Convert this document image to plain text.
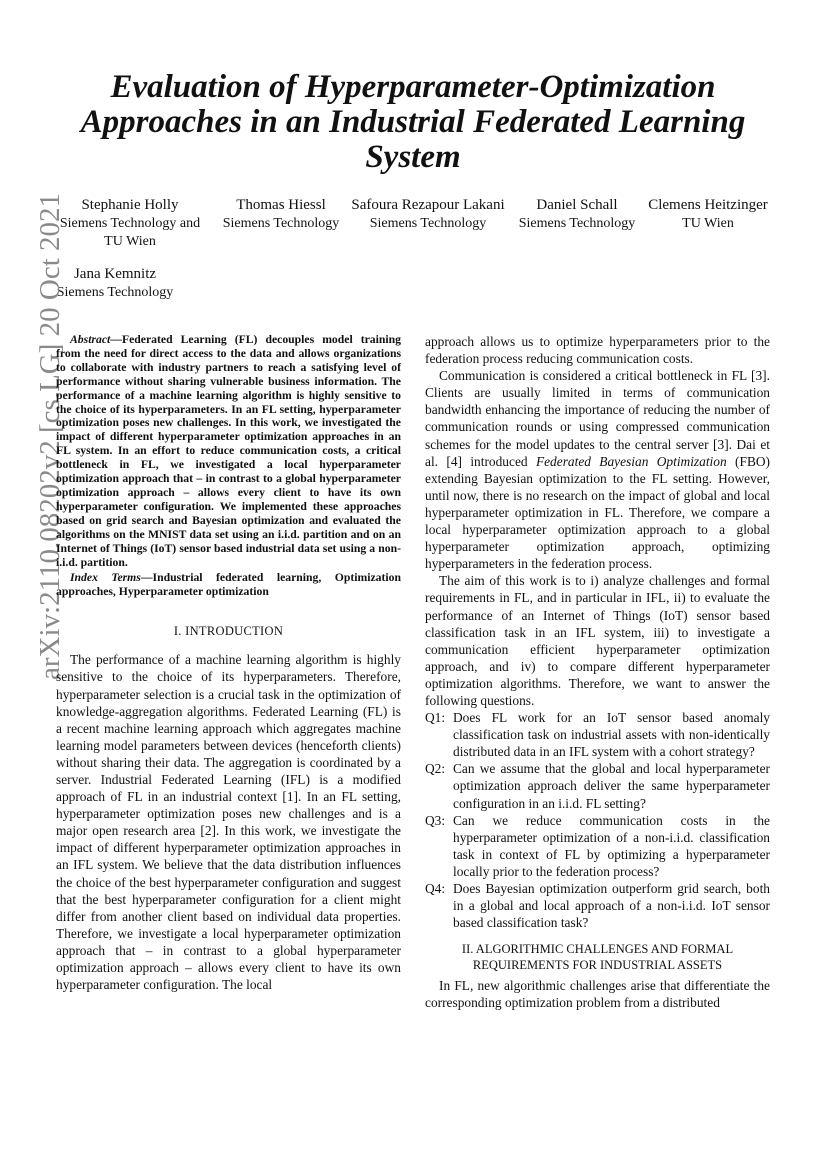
Evaluation of Hyperparameter-Optimization Approaches in an Industrial Federated Learning System
Stephanie Holly
Siemens Technology and TU Wien
Thomas Hiessl
Siemens Technology
Safoura Rezapour Lakani
Siemens Technology
Daniel Schall
Siemens Technology
Clemens Heitzinger
TU Wien
Jana Kemnitz
Siemens Technology
arXiv:2110.08202v2 [cs.LG] 20 Oct 2021 Abstract—Federated Learning (FL) decouples model training from the need for direct access to the data and allows organizations to collaborate with industry partners to reach a satisfying level of performance without sharing vulnerable business information. The performance of a machine learning algorithm is highly sensitive to the choice of its hyperparameters. In an FL setting, hyperparameter optimization poses new challenges. In this work, we investigated the impact of different hyperparameter optimization approaches in an FL system. In an effort to reduce communication costs, a critical bottleneck in FL, we investigated a local hyperparameter optimization approach that – in contrast to a global hyperparameter optimization approach – allows every client to have its own hyperparameter configuration. We implemented these approaches based on grid search and Bayesian optimization and evaluated the algorithms on the MNIST data set using an i.i.d. partition and on an Internet of Things (IoT) sensor based industrial data set using a non-i.i.d. partition.

Index Terms—Industrial federated learning, Optimization approaches, Hyperparameter optimization

I. INTRODUCTION

The performance of a machine learning algorithm is highly sensitive to the choice of its hyperparameters. Therefore, hyperparameter selection is a crucial task in the optimization of knowledge-aggregation algorithms. Federated Learning (FL) is a recent machine learning approach which aggregates machine learning model parameters between devices (henceforth clients) without sharing their data. The aggregation is coordinated by a server. Industrial Federated Learning (IFL) is a modified approach of FL in an industrial context [1]. In an FL setting, hyperparameter optimization poses new challenges and is a major open research area [2]. In this work, we investigate the impact of different hyperparameter optimization approaches in an IFL system. We believe that the data distribution influences the choice of the best hyperparameter configuration and suggest that the best hyperparameter configuration for a client might differ from another client based on individual data properties. Therefore, we investigate a local hyperparameter optimization approach that – in contrast to a global hyperparameter optimization approach – allows every client to have its own hyperparameter configuration. The local

approach allows us to optimize hyperparameters prior to the federation process reducing communication costs.

Communication is considered a critical bottleneck in FL [3]. Clients are usually limited in terms of communication bandwidth enhancing the importance of reducing the number of communication rounds or using compressed communication schemes for the model updates to the central server [3]. Dai et al. [4] introduced Federated Bayesian Optimization (FBO) extending Bayesian optimization to the FL setting. However, until now, there is no research on the impact of global and local hyperparameter optimization in FL. Therefore, we compare a local hyperparameter optimization approach to a global hyperparameter optimization approach, optimizing hyperparameters in the federation process.

The aim of this work is to i) analyze challenges and formal requirements in FL, and in particular in IFL, ii) to evaluate the performance of an Internet of Things (IoT) sensor based classification task in an IFL system, iii) to investigate a communication efficient hyperparameter optimization approach, and iv) to compare different hyperparameter optimization algorithms. Therefore, we want to answer the following questions.

Q1: Does FL work for an IoT sensor based anomaly classification task on industrial assets with non-identically distributed data in an IFL system with a cohort strategy?
Q2: Can we assume that the global and local hyperparameter optimization approach deliver the same hyperparameter configuration in an i.i.d. FL setting?
Q3: Can we reduce communication costs in the hyperparameter optimization of a non-i.i.d. classification task in context of FL by optimizing a hyperparameter locally prior to the federation process?
Q4: Does Bayesian optimization outperform grid search, both in a global and local approach of a non-i.i.d. IoT sensor based classification task?
II. ALGORITHMIC CHALLENGES AND FORMAL
REQUIREMENTS FOR INDUSTRIAL ASSETS

In FL, new algorithmic challenges arise that differentiate the corresponding optimization problem from a distributed
